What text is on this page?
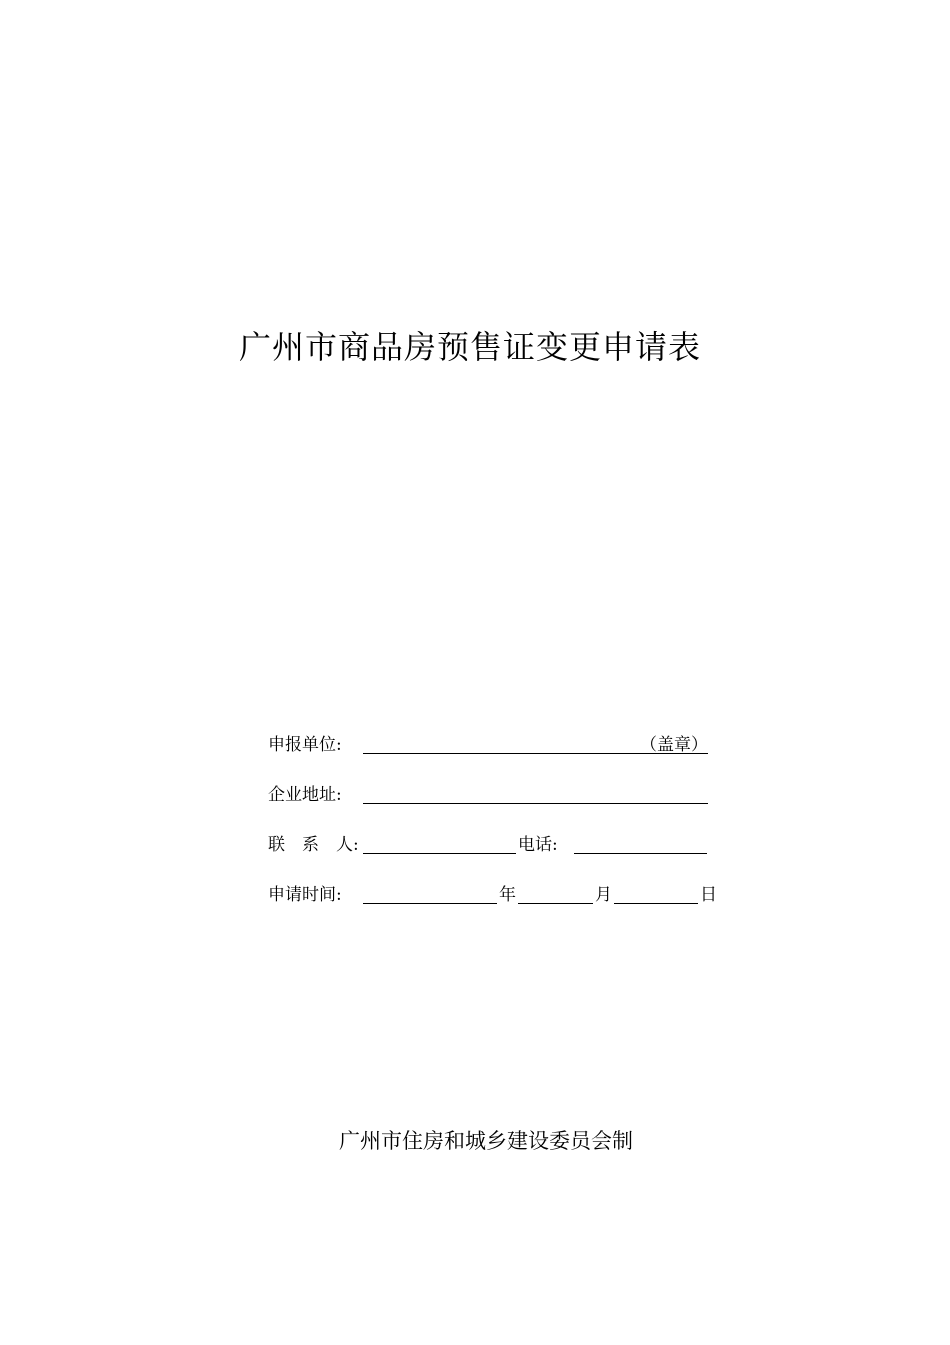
广州市商品房预售证变更申请表
申报单位:	（盖章）
企业地址:
联　系　人:	电话:
申请时间:	年	月	日
广州市住房和城乡建设委员会制
